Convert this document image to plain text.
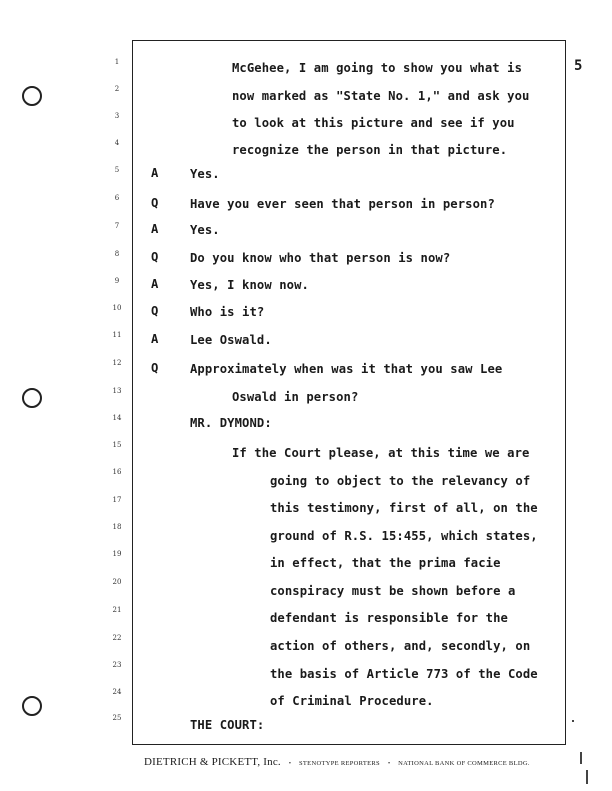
5
1
2
3
4
5
6
7
8
9
10
11
12
13
14
15
16
17
18
19
20
21
22
23
24
25
A
Q
A
Q
A
Q
A
Q
McGehee, I am going to show you what is
now marked as "State No. 1," and ask you
to look at this picture and see if you
recognize the person in that picture.
Yes.
Have you ever seen that person in person?
Yes.
Do you know who that person is now?
Yes, I know now.
Who is it?
Lee Oswald.
Approximately when was it that you saw Lee
Oswald in person?
MR. DYMOND:
If the Court please, at this time we are
going to object to the relevancy of
this testimony, first of all, on the
ground of R.S. 15:455, which states,
in effect, that the prima facie
conspiracy must be shown before a
defendant is responsible for the
action of others, and, secondly, on
the basis of Article 773 of the Code
of Criminal Procedure.
THE COURT:
DIETRICH & PICKETT, Inc. • STENOTYPE REPORTERS • NATIONAL BANK OF COMMERCE BLDG.
